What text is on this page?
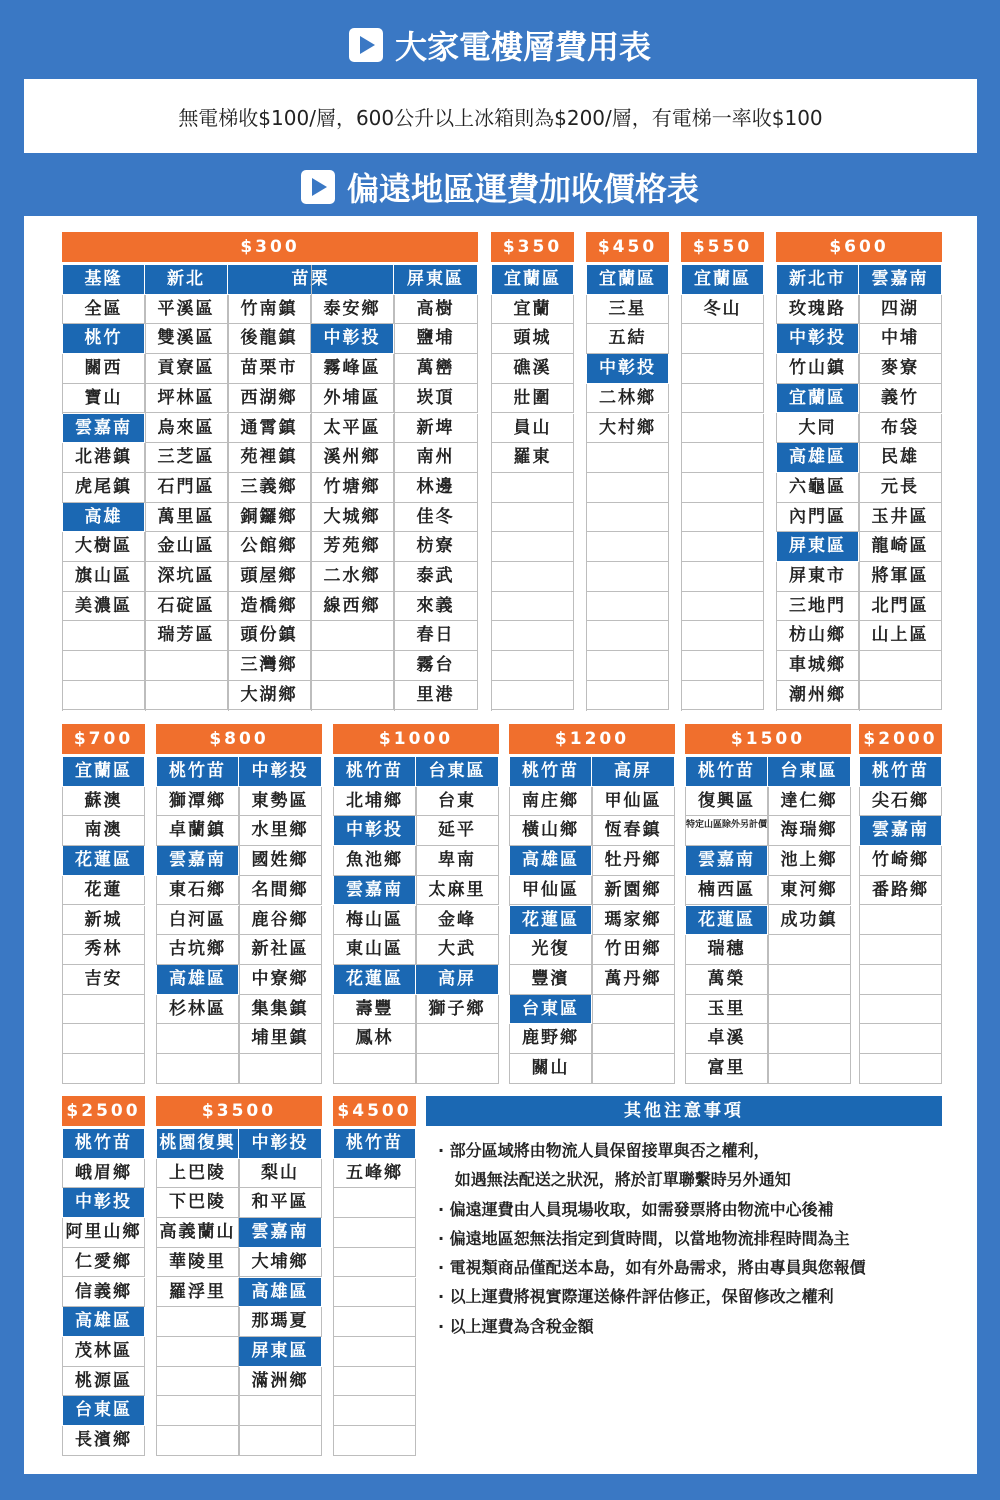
大家電樓層費用表
無電梯收$100/層，600公升以上冰箱則為$200/層，有電梯一率收$100
偏遠地區運費加收價格表
$300
基隆
全區
桃竹
關西
寶山
雲嘉南
北港鎮
虎尾鎮
高雄
大樹區
旗山區
美濃區
新北
平溪區
雙溪區
貢寮區
坪林區
烏來區
三芝區
石門區
萬里區
金山區
深坑區
石碇區
瑞芳區
苗栗
竹南鎮
後龍鎮
苗栗市
西湖鄉
通霄鎮
苑裡鎮
三義鄉
銅鑼鄉
公館鄉
頭屋鄉
造橋鄉
頭份鎮
三灣鄉
大湖鄉
泰安鄉
中彰投
霧峰區
外埔區
太平區
溪州鄉
竹塘鄉
大城鄉
芳苑鄉
二水鄉
線西鄉
屏東區
高樹
鹽埔
萬巒
崁頂
新埤
南州
林邊
佳冬
枋寮
泰武
來義
春日
霧台
里港
$350
宜蘭區
宜蘭
頭城
礁溪
壯圍
員山
羅東
$450
宜蘭區
三星
五結
中彰投
二林鄉
大村鄉
$550
宜蘭區
冬山
$600
新北市
玫瑰路
中彰投
竹山鎮
宜蘭區
大同
高雄區
六龜區
內門區
屏東區
屏東市
三地門
枋山鄉
車城鄉
潮州鄉
雲嘉南
四湖
中埔
麥寮
義竹
布袋
民雄
元長
玉井區
龍崎區
將軍區
北門區
山上區
$700
宜蘭區
蘇澳
南澳
花蓮區
花蓮
新城
秀林
吉安
$800
桃竹苗
獅潭鄉
卓蘭鎮
雲嘉南
東石鄉
白河區
古坑鄉
高雄區
杉林區
中彰投
東勢區
水里鄉
國姓鄉
名間鄉
鹿谷鄉
新社區
中寮鄉
集集鎮
埔里鎮
$1000
桃竹苗
北埔鄉
中彰投
魚池鄉
雲嘉南
梅山區
東山區
花蓮區
壽豐
鳳林
台東區
台東
延平
卑南
太麻里
金峰
大武
高屏
獅子鄉
$1200
桃竹苗
南庄鄉
橫山鄉
高雄區
甲仙區
花蓮區
光復
豐濱
台東區
鹿野鄉
關山
高屏
甲仙區
恆春鎮
牡丹鄉
新園鄉
瑪家鄉
竹田鄉
萬丹鄉
$1500
桃竹苗
復興區
特定山區除外另計價
雲嘉南
楠西區
花蓮區
瑞穗
萬榮
玉里
卓溪
富里
台東區
達仁鄉
海瑞鄉
池上鄉
東河鄉
成功鎮
$2000
桃竹苗
尖石鄉
雲嘉南
竹崎鄉
番路鄉
$2500
桃竹苗
峨眉鄉
中彰投
阿里山鄉
仁愛鄉
信義鄉
高雄區
茂林區
桃源區
台東區
長濱鄉
$3500
桃園復興
上巴陵
下巴陵
高義蘭山
華陵里
羅浮里
中彰投
梨山
和平區
雲嘉南
大埔鄉
高雄區
那瑪夏
屏東區
滿洲鄉
$4500
桃竹苗
五峰鄉
其他注意事項
· 部分區域將由物流人員保留接單與否之權利，
如遇無法配送之狀況，將於訂單聯繫時另外通知
· 偏遠運費由人員現場收取，如需發票將由物流中心後補
· 偏遠地區恕無法指定到貨時間，以當地物流排程時間為主
· 電視類商品僅配送本島，如有外島需求，將由專員與您報價
· 以上運費將視實際運送條件評估修正，保留修改之權利
· 以上運費為含稅金額
